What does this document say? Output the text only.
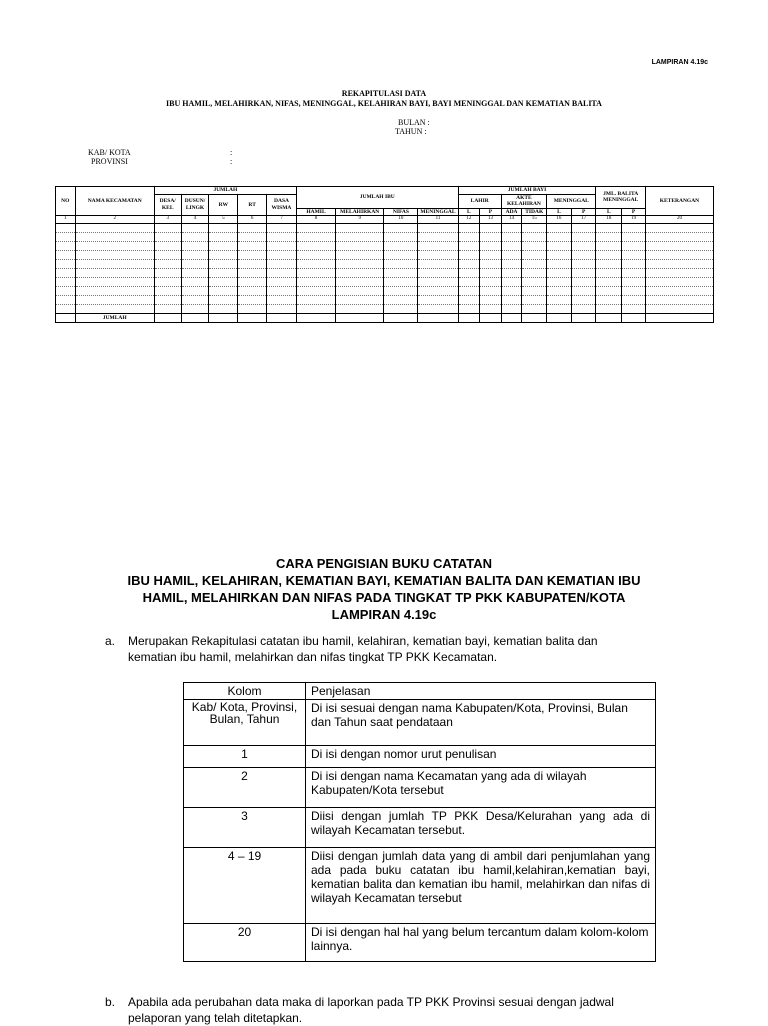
LAMPIRAN 4.19c
REKAPITULASI DATA
IBU HAMIL, MELAHIRKAN, NIFAS, MENINGGAL, KELAHIRAN BAYI, BAYI MENINGGAL DAN KEMATIAN BALITA
BULAN :
TAHUN :
KAB/ KOTA	:
PROVINSI	:
NO	NAMA KECAMATAN	JUMLAH					JUMLAH IBU				JUMLAH BAYI						JML. BALITA MENINGGAL		KETERANGAN
		DESA/ KEL	DUSUN/ LINGK	RW	RT	DASA WISMA					LAHIR		AKTE KELAHIRAN		MENINGGAL				
							HAMIL	MELAHIRKAN	NIFAS	MENINGGAL	L	P	ADA	TIDAK	L	P	L	P	
1	2	3	4	5	6	7	8	9	10	11	12	13	14	15	16	17	18	19	20

	JUMLAH																		
CARA PENGISIAN BUKU CATATAN
IBU HAMIL, KELAHIRAN, KEMATIAN BAYI, KEMATIAN BALITA DAN KEMATIAN IBU
HAMIL, MELAHIRKAN DAN NIFAS PADA TINGKAT TP PKK KABUPATEN/KOTA
LAMPIRAN 4.19c
a. Merupakan Rekapitulasi catatan ibu hamil, kelahiran, kematian bayi, kematian balita dan kematian ibu hamil, melahirkan dan nifas tingkat TP PKK Kecamatan.
Kolom	Penjelasan
Kab/ Kota, Provinsi, Bulan, Tahun	Di isi sesuai dengan nama Kabupaten/Kota, Provinsi, Bulan dan Tahun saat pendataan
1	Di isi dengan nomor urut penulisan
2	Di isi dengan nama Kecamatan yang ada di wilayah Kabupaten/Kota tersebut
3	Diisi dengan jumlah TP PKK Desa/Kelurahan yang ada di wilayah Kecamatan tersebut.
4 – 19	Diisi dengan jumlah data yang di ambil dari penjumlahan yang ada pada buku catatan ibu hamil,kelahiran,kematian bayi, kematian balita dan kematian ibu hamil, melahirkan dan nifas di wilayah Kecamatan tersebut
20	Di isi dengan hal hal yang belum tercantum dalam kolom-kolom lainnya.
b. Apabila ada perubahan data maka di laporkan pada TP PKK Provinsi sesuai dengan jadwal pelaporan yang telah ditetapkan.
